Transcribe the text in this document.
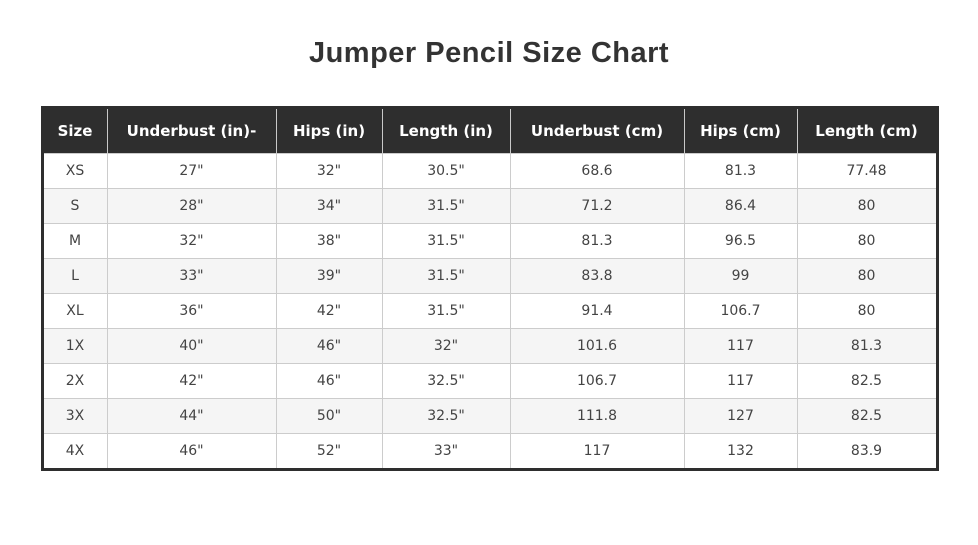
Jumper Pencil Size Chart
Size	Underbust (in)-	Hips (in)	Length (in)	Underbust (cm)	Hips (cm)	Length (cm)
XS	27"	32"	30.5"	68.6	81.3	77.48
S	28"	34"	31.5"	71.2	86.4	80
M	32"	38"	31.5"	81.3	96.5	80
L	33"	39"	31.5"	83.8	99	80
XL	36"	42"	31.5"	91.4	106.7	80
1X	40"	46"	32"	101.6	117	81.3
2X	42"	46"	32.5"	106.7	117	82.5
3X	44"	50"	32.5"	111.8	127	82.5
4X	46"	52"	33"	117	132	83.9
